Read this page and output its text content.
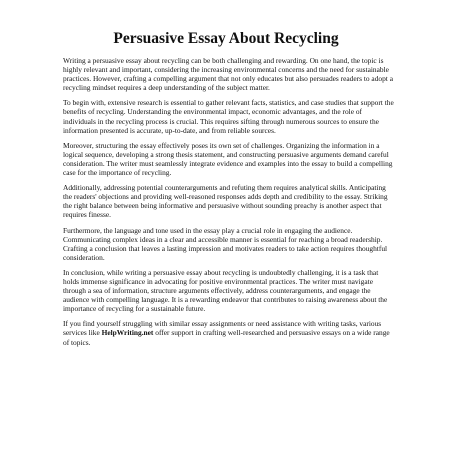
Persuasive Essay About Recycling

Writing a persuasive essay about recycling can be both challenging and rewarding. On one hand, the topic is highly relevant and important, considering the increasing environmental concerns and the need for sustainable practices. However, crafting a compelling argument that not only educates but also persuades readers to adopt a recycling mindset requires a deep understanding of the subject matter.

To begin with, extensive research is essential to gather relevant facts, statistics, and case studies that support the benefits of recycling. Understanding the environmental impact, economic advantages, and the role of individuals in the recycling process is crucial. This requires sifting through numerous sources to ensure the information presented is accurate, up-to-date, and from reliable sources.

Moreover, structuring the essay effectively poses its own set of challenges. Organizing the information in a logical sequence, developing a strong thesis statement, and constructing persuasive arguments demand careful consideration. The writer must seamlessly integrate evidence and examples into the essay to build a compelling case for the importance of recycling.

Additionally, addressing potential counterarguments and refuting them requires analytical skills. Anticipating the readers' objections and providing well-reasoned responses adds depth and credibility to the essay. Striking the right balance between being informative and persuasive without sounding preachy is another aspect that requires finesse.

Furthermore, the language and tone used in the essay play a crucial role in engaging the audience. Communicating complex ideas in a clear and accessible manner is essential for reaching a broad readership. Crafting a conclusion that leaves a lasting impression and motivates readers to take action requires thoughtful consideration.

In conclusion, while writing a persuasive essay about recycling is undoubtedly challenging, it is a task that holds immense significance in advocating for positive environmental practices. The writer must navigate through a sea of information, structure arguments effectively, address counterarguments, and engage the audience with compelling language. It is a rewarding endeavor that contributes to raising awareness about the importance of recycling for a sustainable future.

If you find yourself struggling with similar essay assignments or need assistance with writing tasks, various services like HelpWriting.net offer support in crafting well-researched and persuasive essays on a wide range of topics.
